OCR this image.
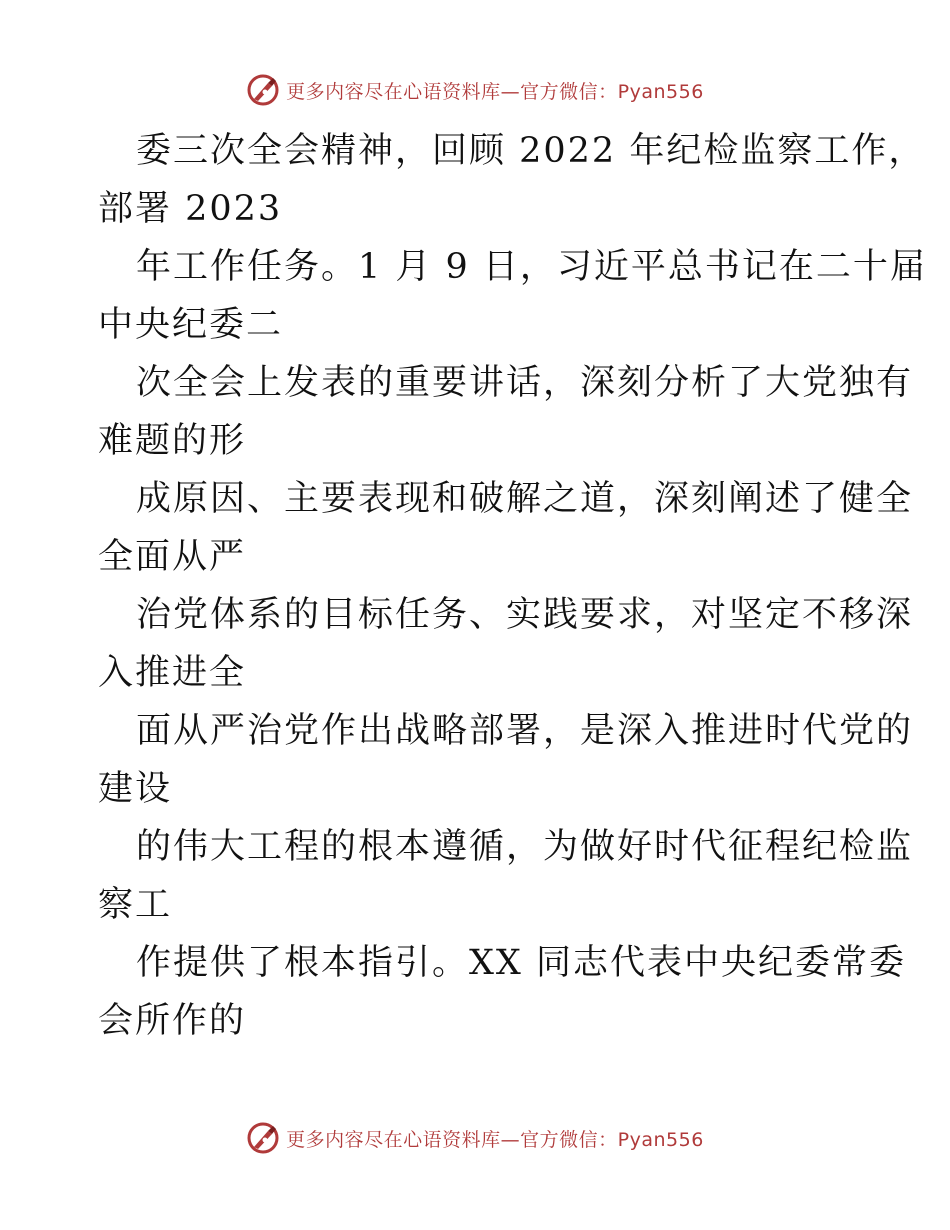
更多内容尽在心语资料库—官方微信：Pyan556
委三次全会精神，回顾 2022 年纪检监察工作，
部署 2023
年工作任务。1 月 9 日，习近平总书记在二十届
中央纪委二
次全会上发表的重要讲话，深刻分析了大党独有
难题的形
成原因、主要表现和破解之道，深刻阐述了健全
全面从严
治党体系的目标任务、实践要求，对坚定不移深
入推进全
面从严治党作出战略部署，是深入推进时代党的
建设
的伟大工程的根本遵循，为做好时代征程纪检监
察工
作提供了根本指引。XX 同志代表中央纪委常委
会所作的
更多内容尽在心语资料库—官方微信：Pyan556
